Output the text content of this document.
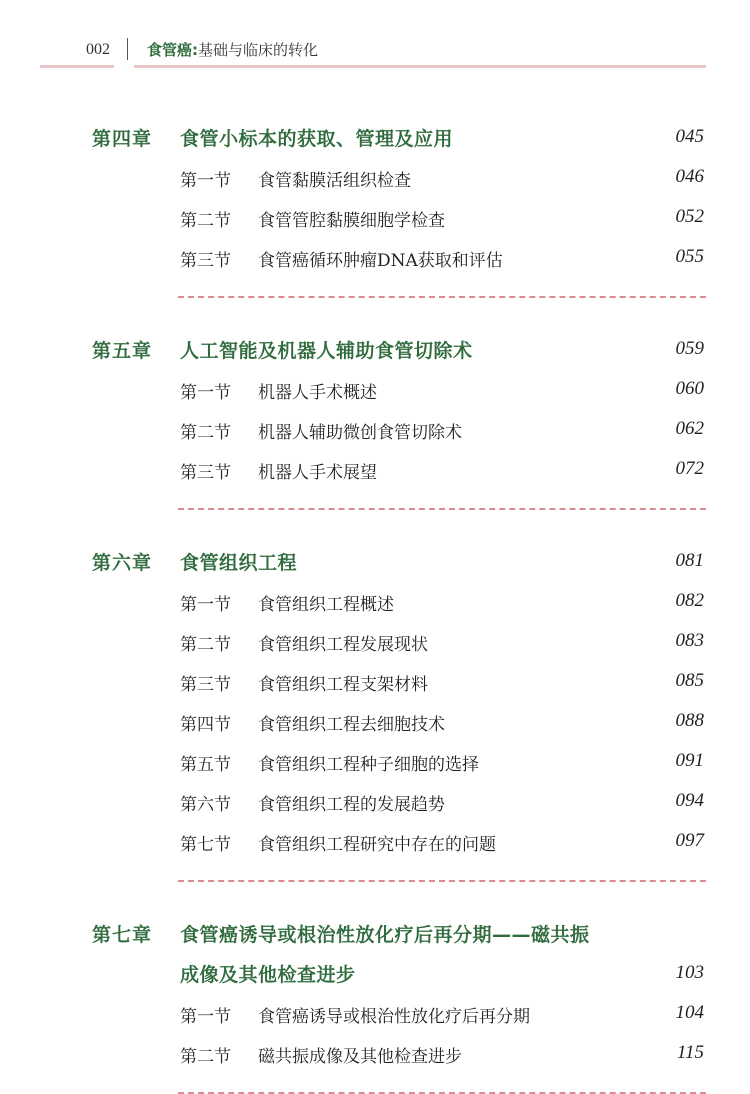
002 食管癌:基础与临床的转化
第四章 食管小标本的获取、管理及应用	045
第一节 食管黏膜活组织检查	046
第二节 食管管腔黏膜细胞学检查	052
第三节 食管癌循环肿瘤DNA获取和评估	055
第五章 人工智能及机器人辅助食管切除术	059
第一节 机器人手术概述	060
第二节 机器人辅助微创食管切除术	062
第三节 机器人手术展望	072
第六章 食管组织工程	081
第一节 食管组织工程概述	082
第二节 食管组织工程发展现状	083
第三节 食管组织工程支架材料	085
第四节 食管组织工程去细胞技术	088
第五节 食管组织工程种子细胞的选择	091
第六节 食管组织工程的发展趋势	094
第七节 食管组织工程研究中存在的问题	097
第七章 食管癌诱导或根治性放化疗后再分期——磁共振
成像及其他检查进步	103
第一节 食管癌诱导或根治性放化疗后再分期	104
第二节 磁共振成像及其他检查进步	115
